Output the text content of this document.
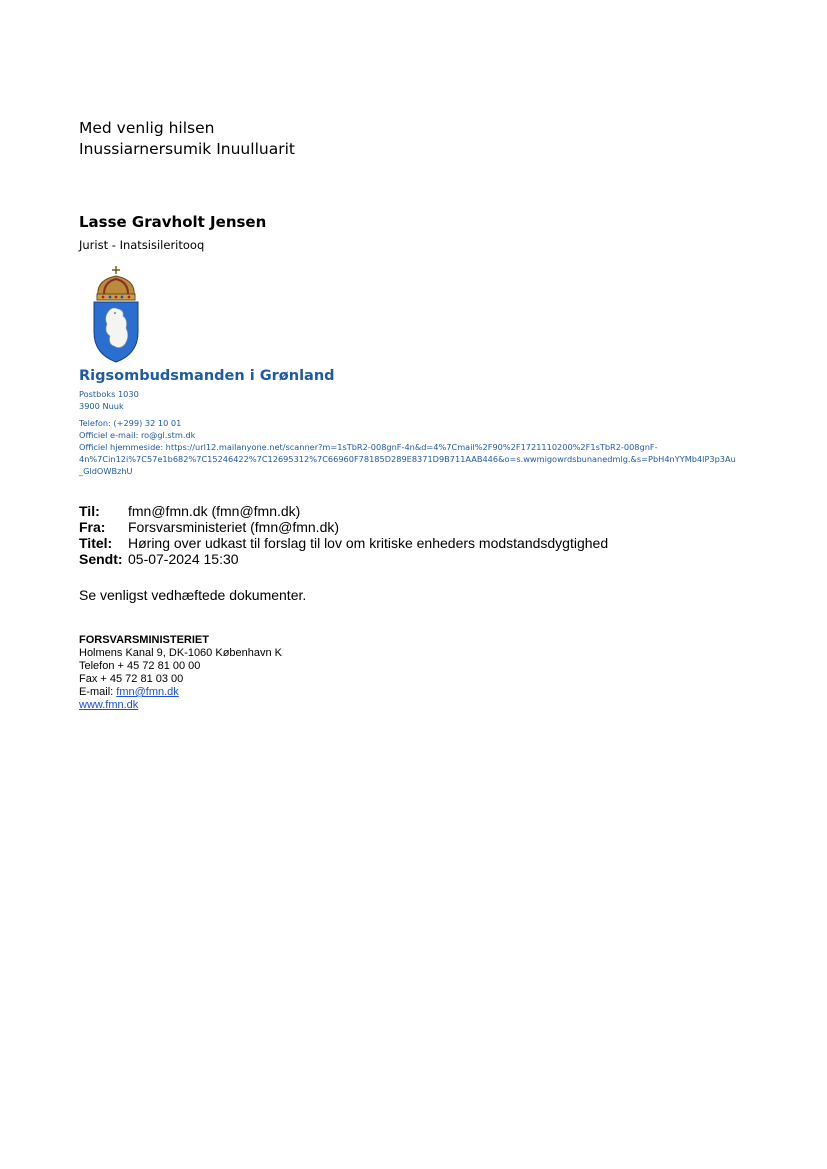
Med venlig hilsen
Inussiarnersumik Inuulluarit
Lasse Gravholt Jensen
Jurist - Inatsisileritooq
Rigsombudsmanden i Grønland
Postboks 1030
3900 Nuuk
Telefon: (+299) 32 10 01
Officiel e-mail: ro@gl.stm.dk
Officiel hjemmeside: https://url12.mailanyone.net/scanner?m=1sTbR2-008gnF-4n&d=4%7Cmail%2F90%2F1721110200%2F1sTbR2-008gnF-
4n%7Cin12i%7C57e1b682%7C15246422%7C12695312%7C66960F78185D289E8371D9B711AAB446&o=s.wwmigowrdsbunanedmlg.&s=PbH4nYYMb4lP3p3Au
_GldOWBzhU
Til: fmn@fmn.dk (fmn@fmn.dk)
Fra: Forsvarsministeriet (fmn@fmn.dk)
Titel: Høring over udkast til forslag til lov om kritiske enheders modstandsdygtighed
Sendt: 05-07-2024 15:30
Se venligst vedhæftede dokumenter.
FORSVARSMINISTERIET
Holmens Kanal 9, DK-1060 København K
Telefon + 45 72 81 00 00
Fax + 45 72 81 03 00
E-mail: fmn@fmn.dk
www.fmn.dk
